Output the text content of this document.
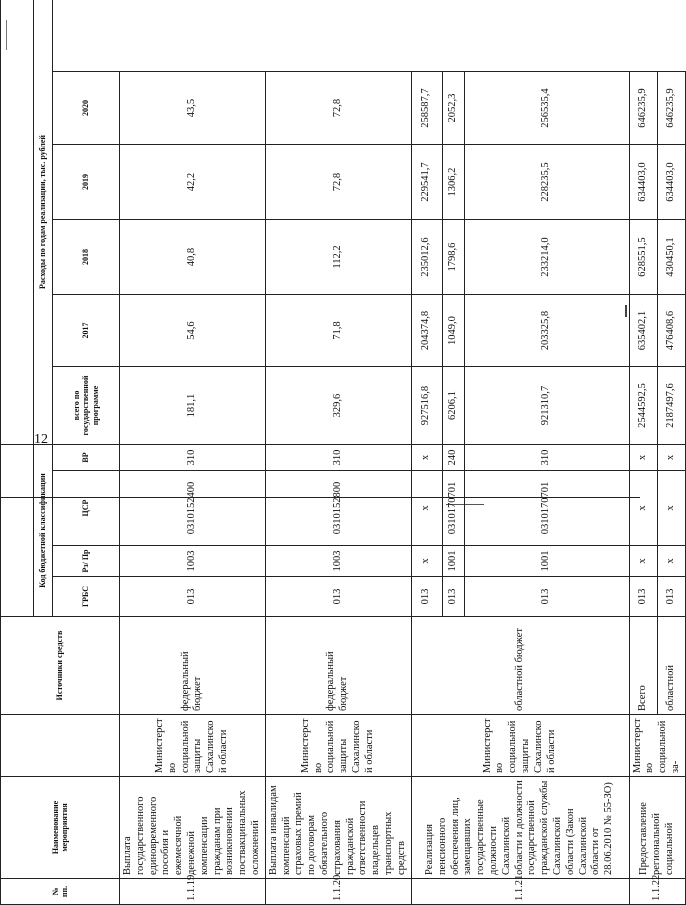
12
№ пп.	Наименование мероприятия		Источники средств									
				Код бюджетной классификации				Расходы по годам реализации, тыс. рублей				
				ГРБС	Рз/ Пр	ЦСР	ВР	всего по государственной программе	2017	2018	2019	2020
1.1.19.	Выплата государственного единовременного пособия и ежемесячной денежной компенсации гражданам при возникновении поствакцинальных осложнений	Министерство социальной защиты Сахалинской области	федеральный бюджет	013	1003	0310152400	310	181,1	54,6	40,8	42,2	43,5
1.1.20.	Выплата инвалидам компенсаций страховых премий по договорам обязательного страхования гражданской ответственности владельцев транспортных средств	Министерство социальной защиты Сахалинской области	федеральный бюджет	013	1003	0310152800	310	329,6	71,8	112,2	72,8	72,8
1.1.21.	Реализация пенсионного обеспечения лиц, замещавших государственные должности Сахалинской области и должности государственной гражданской службы Сахалинской области (Закон Сахалинской области от 28.06.2010 № 55-ЗО)	Министерство социальной защиты Сахалинской области	областной бюджет	013	х	х	х	927516,8	204374,8	235012,6	229541,7	258587,7
				013	1001	0310170701	240	6206,1	1049,0	1798,6	1306,2	2052,3
				013	1001	0310170701	310	921310,7	203325,8	233214,0	228235,5	256535,4
1.1.22.	Предоставление региональной социальной	Министерство социальной за-	Всего	013	х	х	х	2544592,5	635402,1	628551,5	634403,0	646235,9
			областной	013	х	х	х	2187497,6	476408,6	430450,1	634403,0	646235,9
